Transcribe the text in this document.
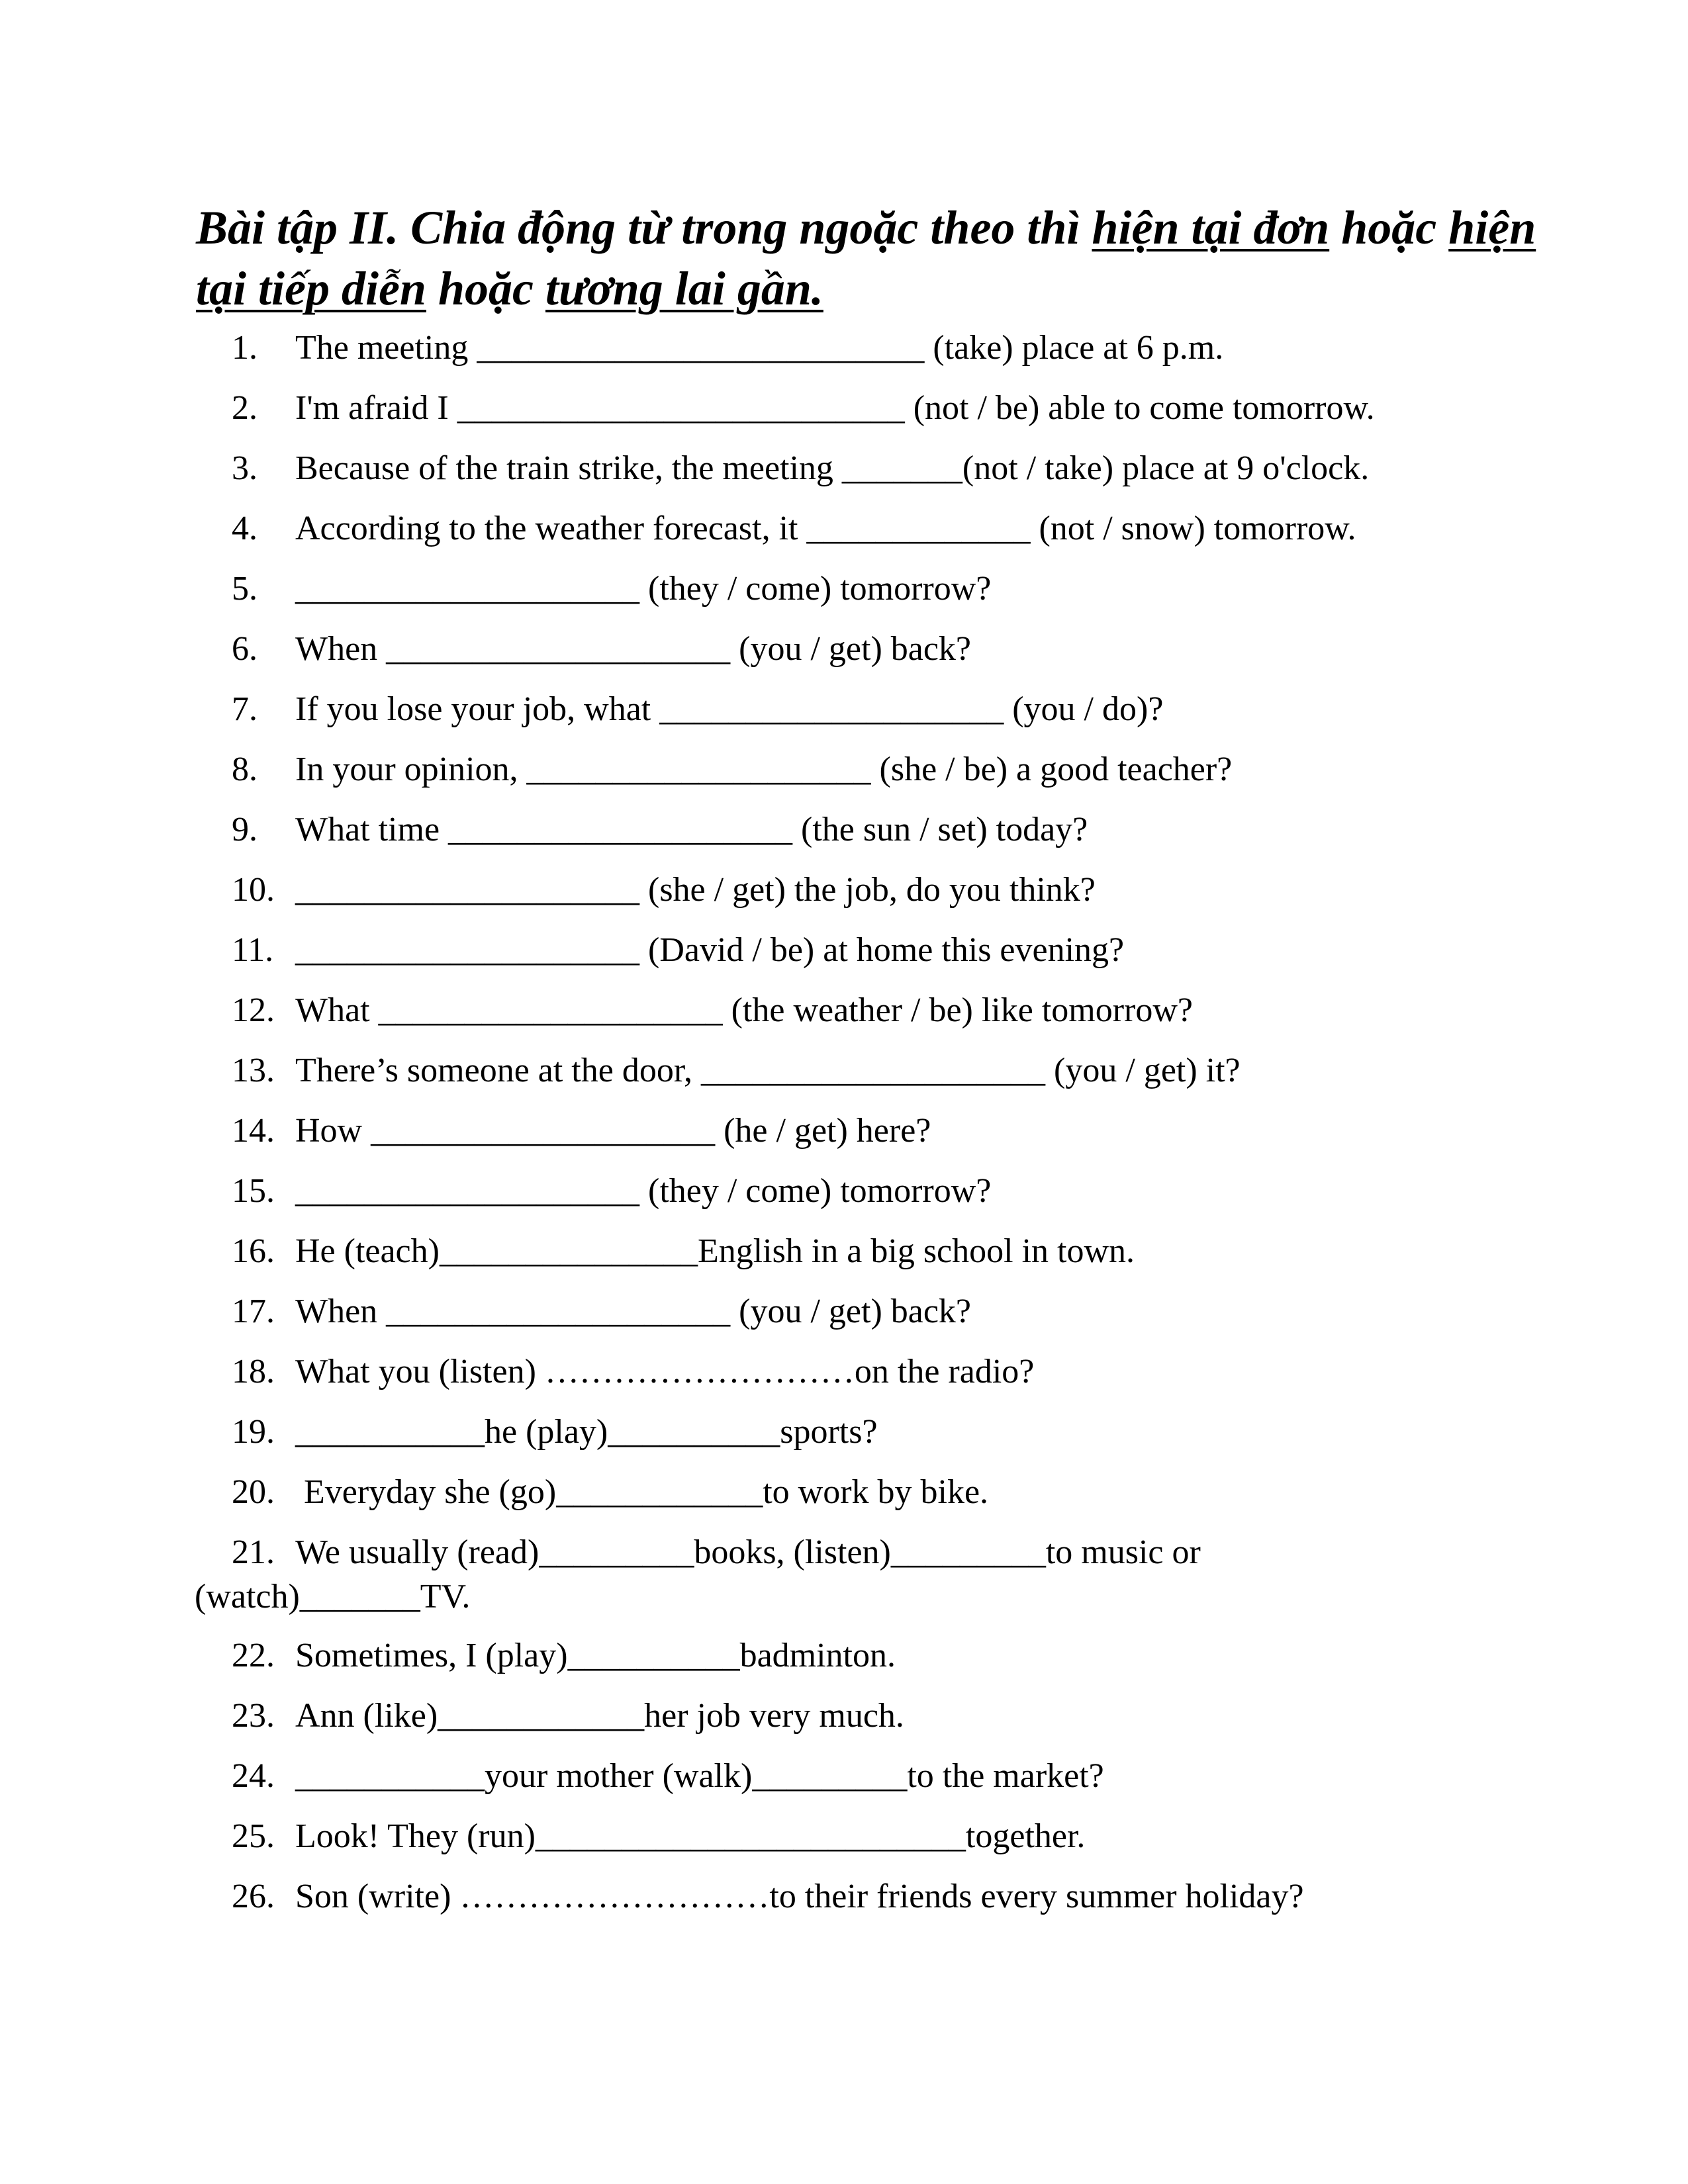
Bài tập II. Chia động từ trong ngoặc theo thì hiện tại đơn hoặc hiện
tại tiếp diễn hoặc tương lai gần.
1. The meeting __________________________ (take) place at 6 p.m.
2. I'm afraid I __________________________ (not / be) able to come tomorrow.
3. Because of the train strike, the meeting _______(not / take) place at 9 o'clock.
4. According to the weather forecast, it _____________ (not / snow) tomorrow.
5. ____________________ (they / come) tomorrow?
6. When ____________________ (you / get) back?
7. If you lose your job, what ____________________ (you / do)?
8. In your opinion, ____________________ (she / be) a good teacher?
9. What time ____________________ (the sun / set) today?
10. ____________________ (she / get) the job, do you think?
11. ____________________ (David / be) at home this evening?
12. What ____________________ (the weather / be) like tomorrow?
13. There’s someone at the door, ____________________ (you / get) it?
14. How ____________________ (he / get) here?
15. ____________________ (they / come) tomorrow?
16. He (teach)_______________English in a big school in town.
17. When ____________________ (you / get) back?
18. What you (listen) ………………………on the radio?
19. ___________he (play)__________sports?
20. Everyday she (go)____________to work by bike.
21. We usually (read)_________books, (listen)_________to music or
(watch)_______TV.
22. Sometimes, I (play)__________badminton.
23. Ann (like)____________her job very much.
24. ___________your mother (walk)_________to the market?
25. Look! They (run)_________________________together.
26. Son (write) ………………………to their friends every summer holiday?
